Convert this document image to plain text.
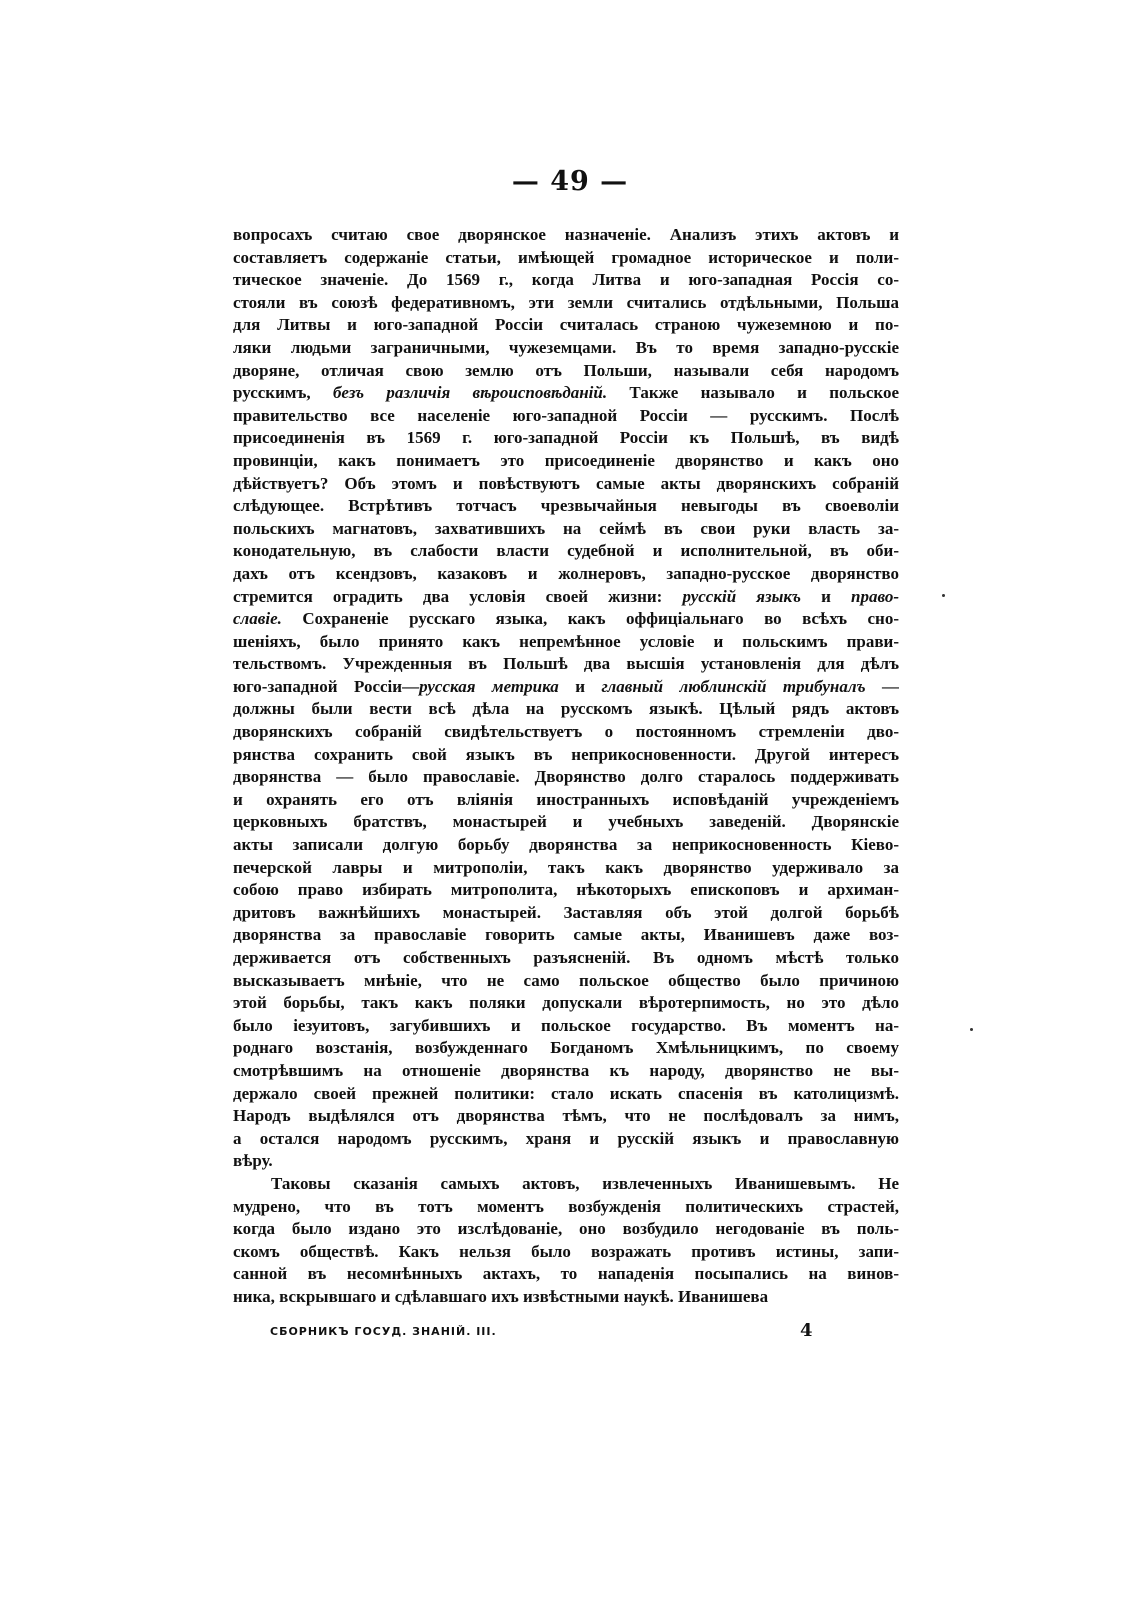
— 49 —
вопросахъ считаю свое дворянское назначеніе. Анализъ этихъ актовъ и
составляетъ содержаніе статьи, имѣющей громадное историческое и поли-
тическое значеніе. До 1569 г., когда Литва и юго-западная Россія со-
стояли въ союзѣ федеративномъ, эти земли считались отдѣльными, Польша
для Литвы и юго-западной Россіи считалась страною чужеземною и по-
ляки людьми заграничными, чужеземцами. Въ то время западно-русскіе
дворяне, отличая свою землю отъ Польши, называли себя народомъ
русскимъ, безъ различія вѣроисповѣданій. Также называло и польское
правительство все населеніе юго-западной Россіи — русскимъ. Послѣ
присоединенія въ 1569 г. юго-западной Россіи къ Польшѣ, въ видѣ
провинціи, какъ понимаетъ это присоединеніе дворянство и какъ оно
дѣйствуетъ? Объ этомъ и повѣствуютъ самые акты дворянскихъ собраній
слѣдующее. Встрѣтивъ тотчасъ чрезвычайныя невыгоды въ своеволіи
польскихъ магнатовъ, захватившихъ на сеймѣ въ свои руки власть за-
конодательную, въ слабости власти судебной и исполнительной, въ оби-
дахъ отъ ксендзовъ, казаковъ и жолнеровъ, западно-русское дворянство
стремится оградить два условія своей жизни: русскій языкъ и право-
славіе. Сохраненіе русскаго языка, какъ оффиціальнаго во всѣхъ сно-
шеніяхъ, было принято какъ непремѣнное условіе и польскимъ прави-
тельствомъ. Учрежденныя въ Польшѣ два высшія установленія для дѣлъ
юго-западной Россіи—русская метрика и главный люблинскій трибуналъ —
должны были вести всѣ дѣла на русскомъ языкѣ. Цѣлый рядъ актовъ
дворянскихъ собраній свидѣтельствуетъ о постоянномъ стремленіи дво-
рянства сохранить свой языкъ въ неприкосновенности. Другой интересъ
дворянства — было православіе. Дворянство долго старалось поддерживать
и охранять его отъ вліянія иностранныхъ исповѣданій учрежденіемъ
церковныхъ братствъ, монастырей и учебныхъ заведеній. Дворянскіе
акты записали долгую борьбу дворянства за неприкосновенность Кіево-
печерской лавры и митрополіи, такъ какъ дворянство удерживало за
собою право избирать митрополита, нѣкоторыхъ епископовъ и архиман-
дритовъ важнѣйшихъ монастырей. Заставляя объ этой долгой борьбѣ
дворянства за православіе говорить самые акты, Иванишевъ даже воз-
держивается отъ собственныхъ разъясненій. Въ одномъ мѣстѣ только
высказываетъ мнѣніе, что не само польское общество было причиною
этой борьбы, такъ какъ поляки допускали вѣротерпимость, но это дѣло
было іезуитовъ, загубившихъ и польское государство. Въ моментъ на-
роднаго возстанія, возбужденнаго Богданомъ Хмѣльницкимъ, по своему
смотрѣвшимъ на отношеніе дворянства къ народу, дворянство не вы-
держало своей прежней политики: стало искать спасенія въ католицизмѣ.
Народъ выдѣлялся отъ дворянства тѣмъ, что не послѣдовалъ за нимъ,
а остался народомъ русскимъ, храня и русскій языкъ и православную
вѣру.
Таковы сказанія самыхъ актовъ, извлеченныхъ Иванишевымъ. Не
мудрено, что въ тотъ моментъ возбужденія политическихъ страстей,
когда было издано это изслѣдованіе, оно возбудило негодованіе въ поль-
скомъ обществѣ. Какъ нельзя было возражать противъ истины, запи-
санной въ несомнѣнныхъ актахъ, то нападенія посыпались на винов-
ника, вскрывшаго и сдѣлавшаго ихъ извѣстными наукѣ. Иванишева
СБОРНИКЪ ГОСУД. ЗНАНІЙ. III.	4
